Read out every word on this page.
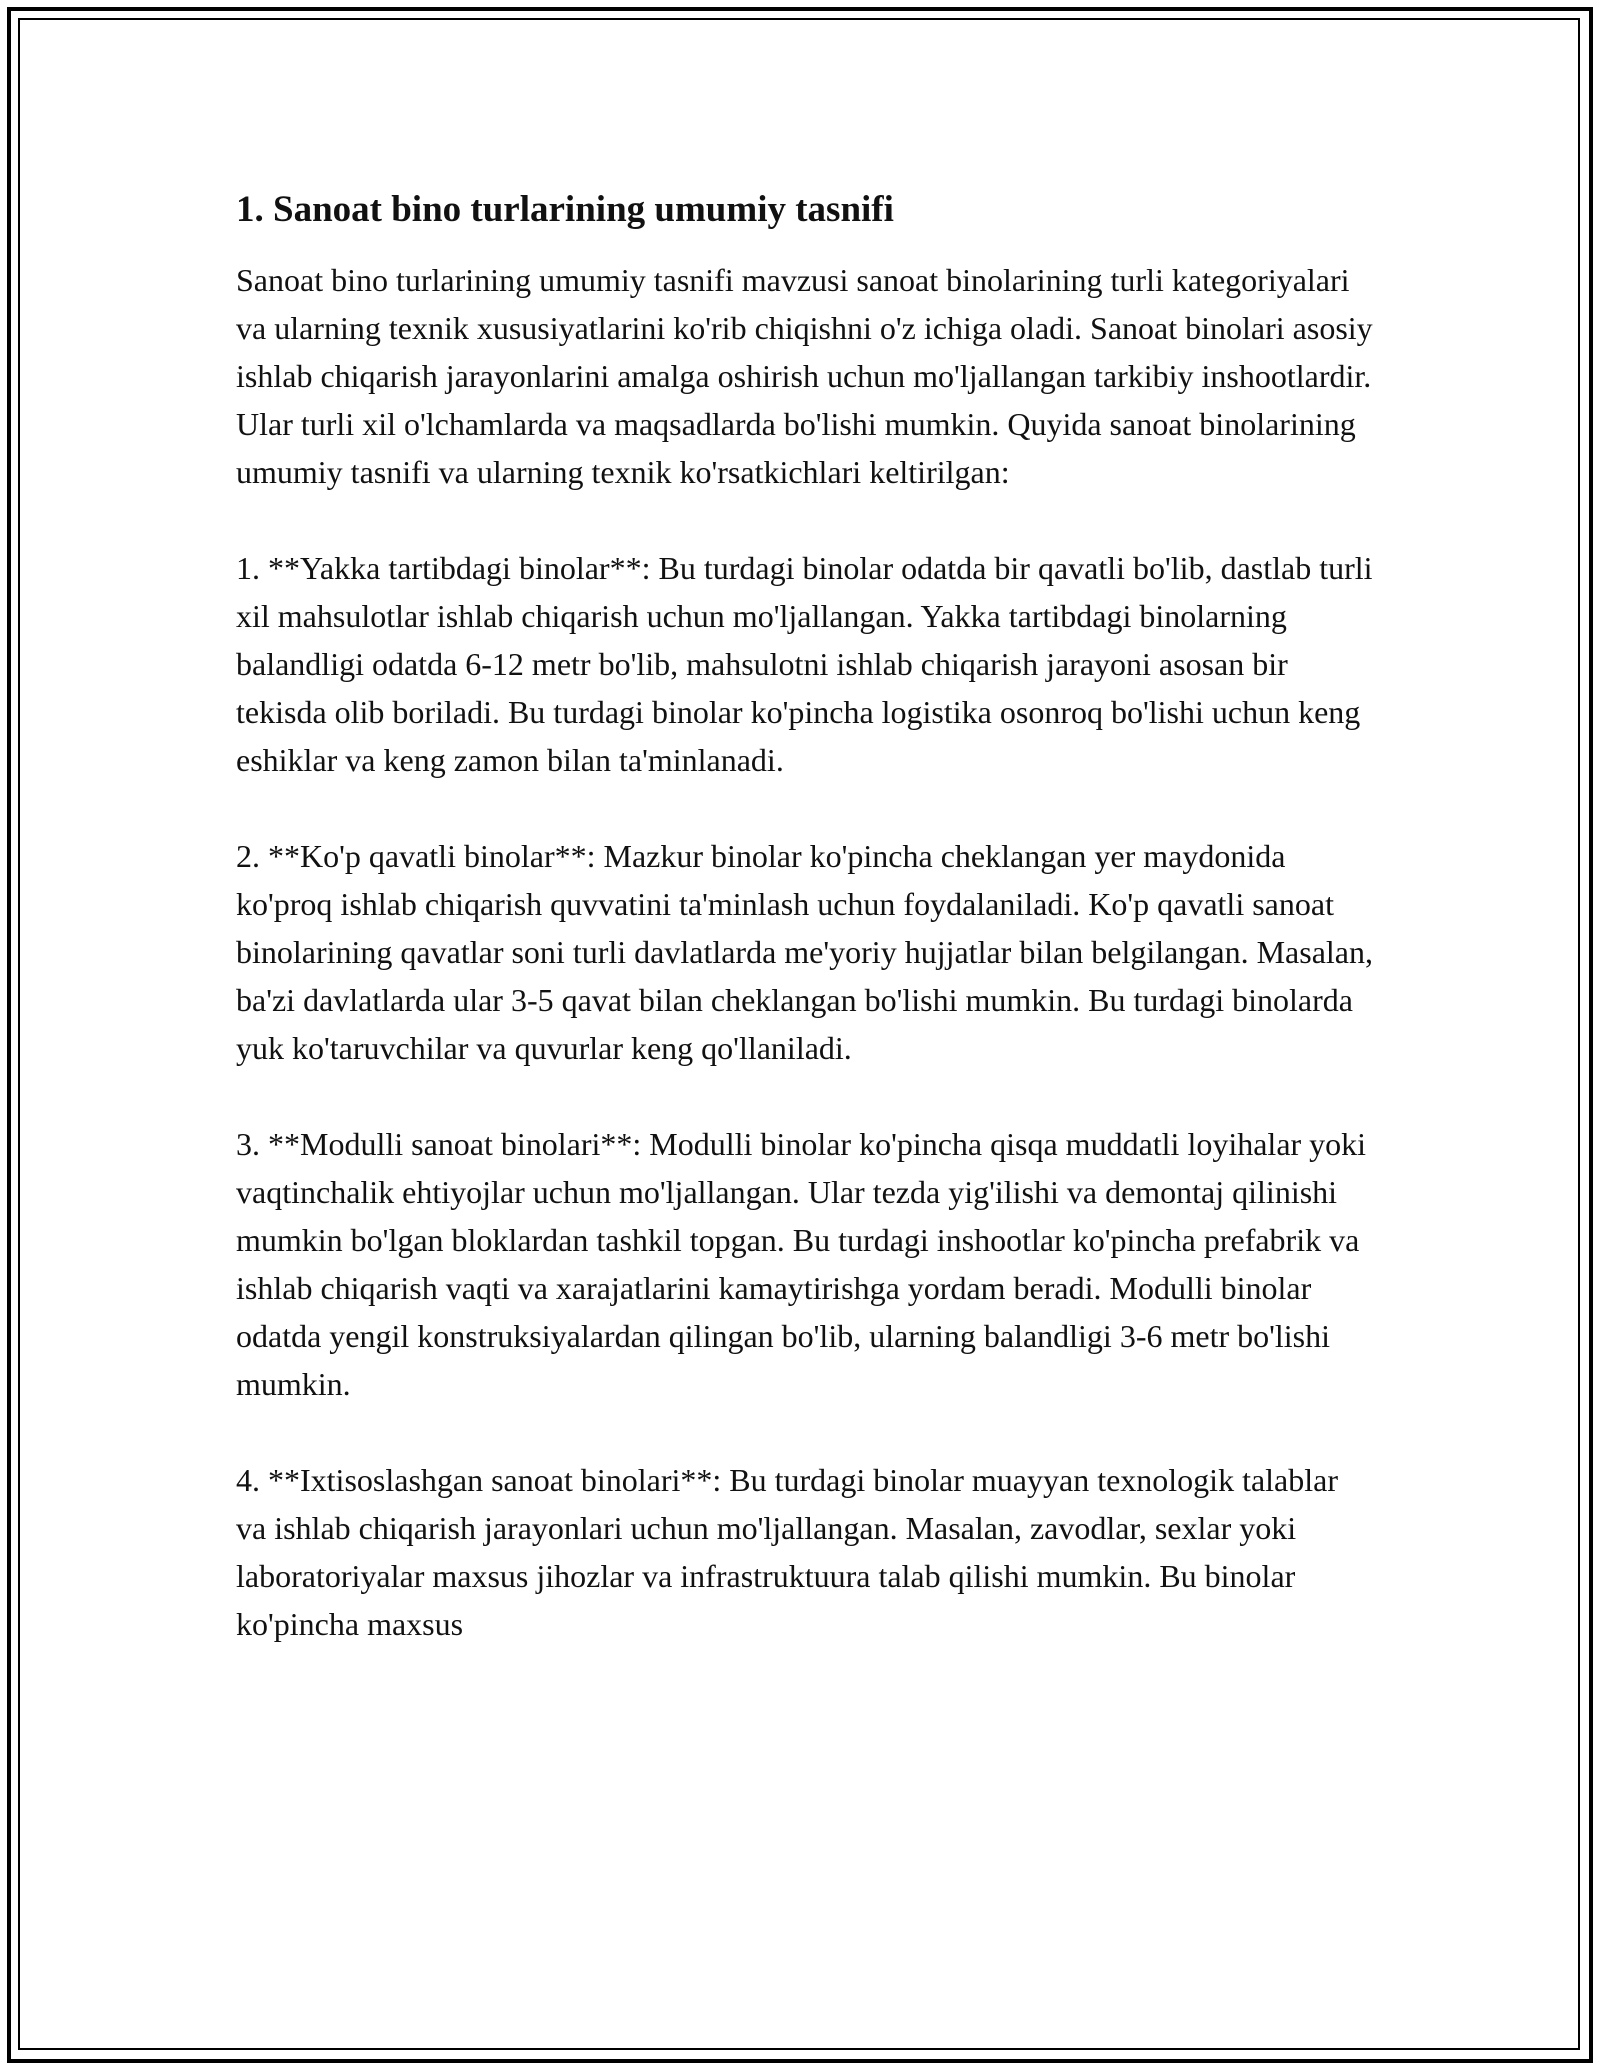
1. Sanoat bino turlarining umumiy tasnifi

Sanoat bino turlarining umumiy tasnifi mavzusi sanoat binolarining turli kategoriyalari va ularning texnik xususiyatlarini ko'rib chiqishni o'z ichiga oladi. Sanoat binolari asosiy ishlab chiqarish jarayonlarini amalga oshirish uchun mo'ljallangan tarkibiy inshootlardir. Ular turli xil o'lchamlarda va maqsadlarda bo'lishi mumkin. Quyida sanoat binolarining umumiy tasnifi va ularning texnik ko'rsatkichlari keltirilgan:

1. **Yakka tartibdagi binolar**: Bu turdagi binolar odatda bir qavatli bo'lib, dastlab turli xil mahsulotlar ishlab chiqarish uchun mo'ljallangan. Yakka tartibdagi binolarning balandligi odatda 6-12 metr bo'lib, mahsulotni ishlab chiqarish jarayoni asosan bir tekisda olib boriladi. Bu turdagi binolar ko'pincha logistika osonroq bo'lishi uchun keng eshiklar va keng zamon bilan ta'minlanadi.

2. **Ko'p qavatli binolar**: Mazkur binolar ko'pincha cheklangan yer maydonida ko'proq ishlab chiqarish quvvatini ta'minlash uchun foydalaniladi. Ko'p qavatli sanoat binolarining qavatlar soni turli davlatlarda me'yoriy hujjatlar bilan belgilangan. Masalan, ba'zi davlatlarda ular 3-5 qavat bilan cheklangan bo'lishi mumkin. Bu turdagi binolarda yuk ko'taruvchilar va quvurlar keng qo'llaniladi.

3. **Modulli sanoat binolari**: Modulli binolar ko'pincha qisqa muddatli loyihalar yoki vaqtinchalik ehtiyojlar uchun mo'ljallangan. Ular tezda yig'ilishi va demontaj qilinishi mumkin bo'lgan bloklardan tashkil topgan. Bu turdagi inshootlar ko'pincha prefabrik va ishlab chiqarish vaqti va xarajatlarini kamaytirishga yordam beradi. Modulli binolar odatda yengil konstruksiyalardan qilingan bo'lib, ularning balandligi 3-6 metr bo'lishi mumkin.

4. **Ixtisoslashgan sanoat binolari**: Bu turdagi binolar muayyan texnologik talablar va ishlab chiqarish jarayonlari uchun mo'ljallangan. Masalan, zavodlar, sexlar yoki laboratoriyalar maxsus jihozlar va infrastruktuura talab qilishi mumkin. Bu binolar ko'pincha maxsus
